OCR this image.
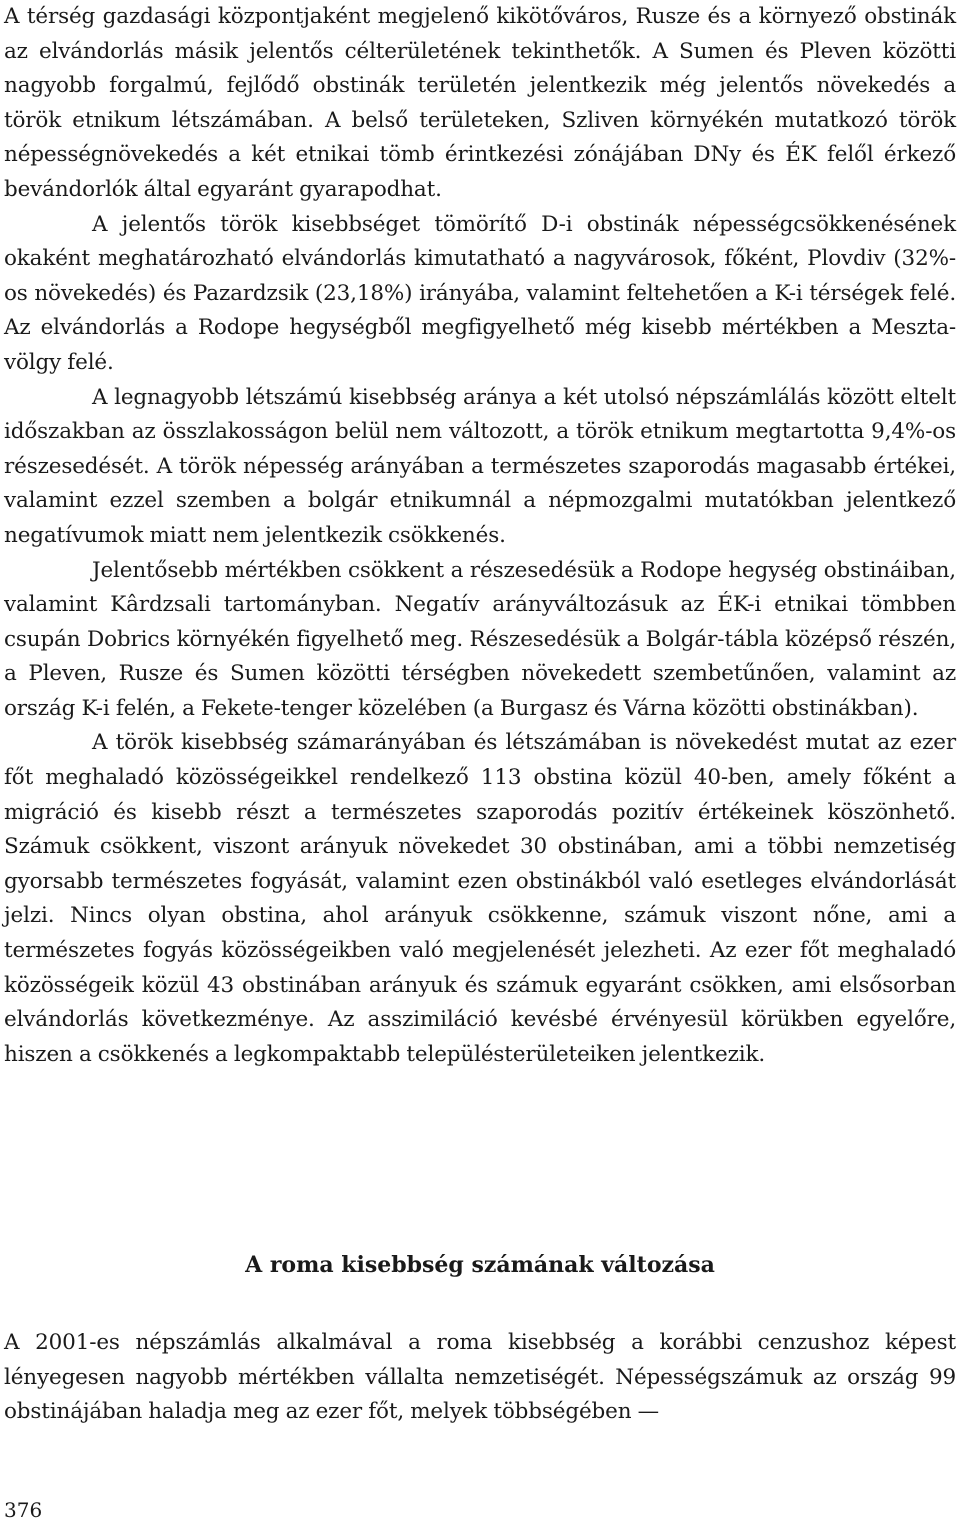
A térség gazdasági központjaként megjelenő kikötőváros, Rusze és a környező obstinák az elvándorlás másik jelentős célterületének tekinthetők. A Sumen és Pleven közötti nagyobb forgalmú, fejlődő obstinák területén jelentkezik még jelentős növekedés a török etnikum létszámában. A belső területeken, Szliven környékén mutatkozó török népességnövekedés a két etnikai tömb érintkezési zónájában DNy és ÉK felől érkező bevándorlók által egyaránt gyarapodhat.

A jelentős török kisebbséget tömörítő D-i obstinák népességcsökkenésének okaként meghatározható elvándorlás kimutatható a nagyvárosok, főként, Plovdiv (32%-os növekedés) és Pazardzsik (23,18%) irányába, valamint feltehetően a K-i térségek felé. Az elvándorlás a Rodope hegységből megfigyelhető még kisebb mértékben a Meszta-völgy felé.

A legnagyobb létszámú kisebbség aránya a két utolsó népszámlálás között eltelt időszakban az összlakosságon belül nem változott, a török etnikum megtartotta 9,4%-os részesedését. A török népesség arányában a természetes szaporodás magasabb értékei, valamint ezzel szemben a bolgár etnikumnál a népmozgalmi mutatókban jelentkező negatívumok miatt nem jelentkezik csökkenés.

Jelentősebb mértékben csökkent a részesedésük a Rodope hegység obstináiban, valamint Kârdzsali tartományban. Negatív arányváltozásuk az ÉK-i etnikai tömbben csupán Dobrics környékén figyelhető meg. Részesedésük a Bolgár-tábla középső részén, a Pleven, Rusze és Sumen közötti térségben növekedett szembetűnően, valamint az ország K-i felén, a Fekete-tenger közelében (a Burgasz és Várna közötti obstinákban).

A török kisebbség számarányában és létszámában is növekedést mutat az ezer főt meghaladó közösségeikkel rendelkező 113 obstina közül 40-ben, amely főként a migráció és kisebb részt a természetes szaporodás pozitív értékeinek köszönhető. Számuk csökkent, viszont arányuk növekedet 30 obstinában, ami a többi nemzetiség gyorsabb természetes fogyását, valamint ezen obstinákból való esetleges elvándorlását jelzi. Nincs olyan obstina, ahol arányuk csökkenne, számuk viszont nőne, ami a természetes fogyás közösségeikben való megjelenését jelezheti. Az ezer főt meghaladó közösségeik közül 43 obstinában arányuk és számuk egyaránt csökken, ami elsősorban elvándorlás következménye. Az asszimiláció kevésbé érvényesül körükben egyelőre, hiszen a csökkenés a legkompaktabb településterületeiken jelentkezik.

A roma kisebbség számának változása

A 2001-es népszámlás alkalmával a roma kisebbség a korábbi cenzushoz képest lényegesen nagyobb mértékben vállalta nemzetiségét. Népességszámuk az ország 99 obstinájában haladja meg az ezer főt, melyek többségében —

376
